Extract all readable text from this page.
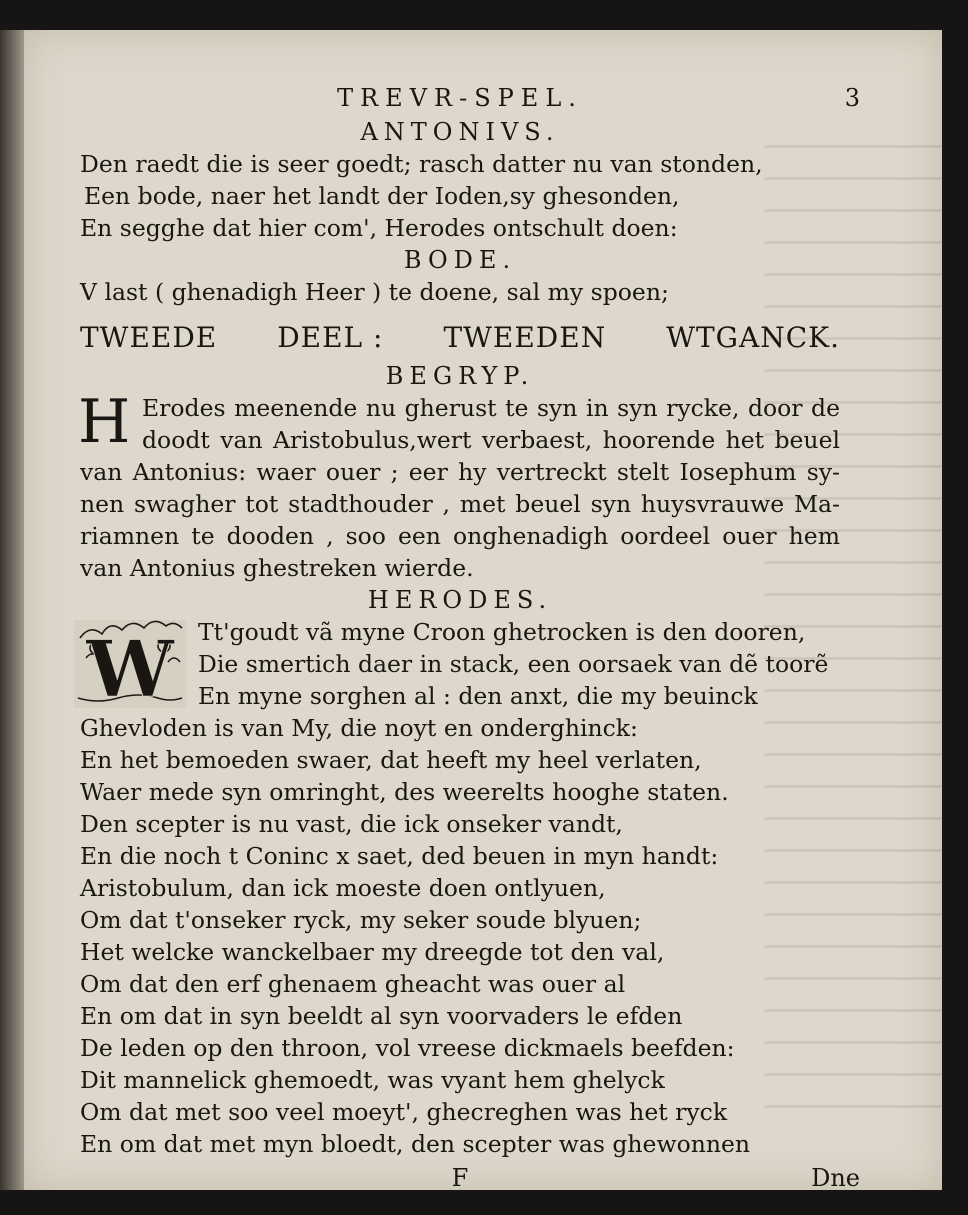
TREVR-SPEL.	3
ANTONIVS.
Den raedt die is seer goedt; rasch datter nu van stonden,
Een bode, naer het landt der Ioden,sy ghesonden,
En segghe dat hier com', Herodes ontschult doen:
BODE.
V last ( ghenadigh Heer ) te doene, sal my spoen;
TWEEDE DEEL : TWEEDEN WTGANCK.
BEGRYP.
H Erodes meenende nu gherust te syn in syn rycke, door de
doodt van Aristobulus,wert verbaest, hoorende het beuel
van Antonius: waer ouer ; eer hy vertreckt stelt Iosephum sy-
nen swagher tot stadthouder , met beuel syn huysvrauwe Ma-
riamnen te dooden , soo een onghenadigh oordeel ouer hem
van Antonius ghestreken wierde.
HERODES.
W Tt'goudt vã myne Croon ghetrocken is den dooren,
Die smertich daer in stack, een oorsaek van dẽ toorẽ
En myne sorghen al : den anxt, die my beuinck
Ghevloden is van My, die noyt en onderghinck:
En het bemoeden swaer, dat heeft my heel verlaten,
Waer mede syn omringht, des weerelts hooghe staten.
Den scepter is nu vast, die ick onseker vandt,
En die noch t Coninc x saet, ded beuen in myn handt:
Aristobulum, dan ick moeste doen ontlyuen,
Om dat t'onseker ryck, my seker soude blyuen;
Het welcke wanckelbaer my dreegde tot den val,
Om dat den erf ghenaem gheacht was ouer al
En om dat in syn beeldt al syn voorvaders le efden
De leden op den throon, vol vreese dickmaels beefden:
Dit mannelick ghemoedt, was vyant hem ghelyck
Om dat met soo veel moeyt', ghecreghen was het ryck
En om dat met myn bloedt, den scepter was ghewonnen
F	Dne
